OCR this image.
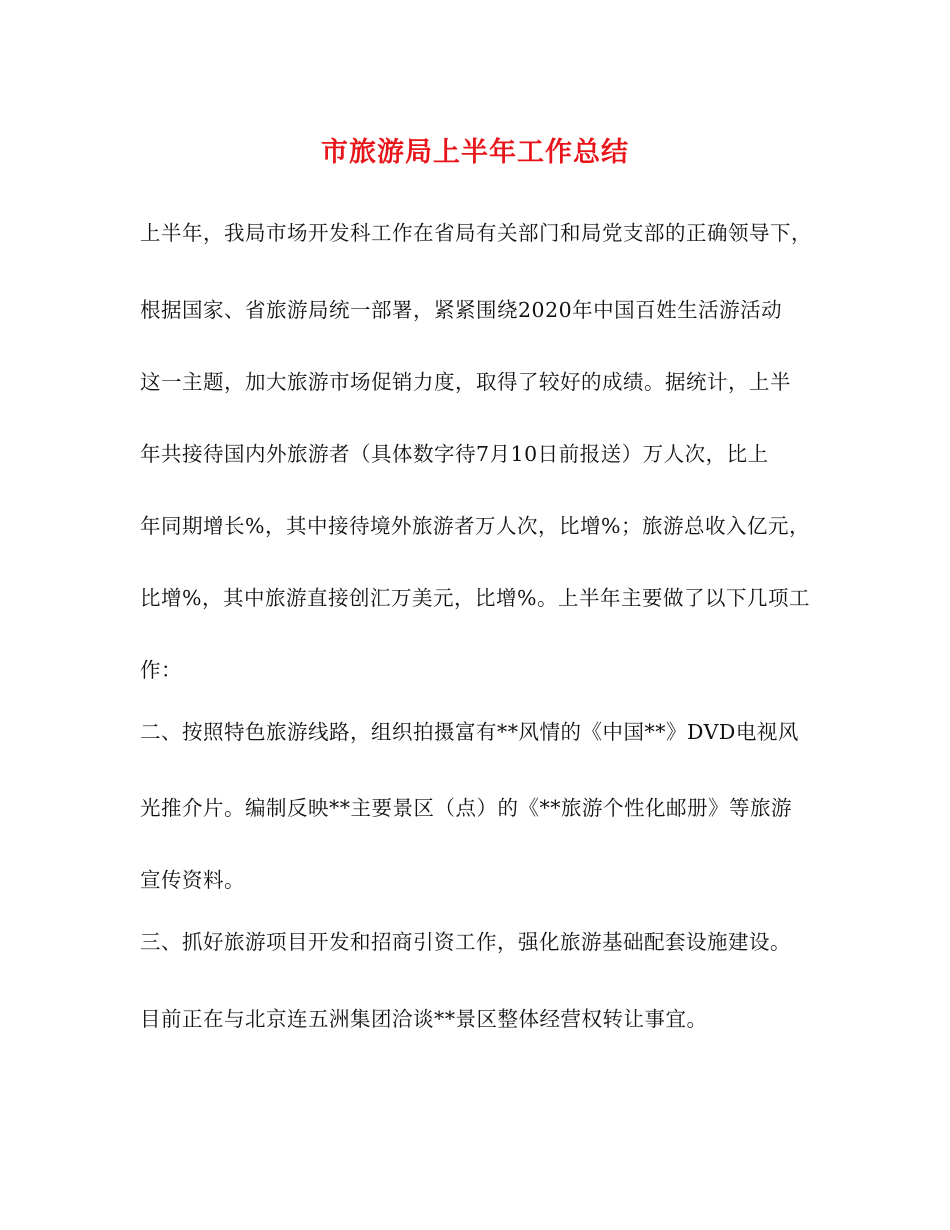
市旅游局上半年工作总结
上半年，我局市场开发科工作在省局有关部门和局党支部的正确领导下，
根据国家、省旅游局统一部署，紧紧围绕2020年中国百姓生活游活动
这一主题，加大旅游市场促销力度，取得了较好的成绩。据统计，上半
年共接待国内外旅游者（具体数字待7月10日前报送）万人次，比上
年同期增长%，其中接待境外旅游者万人次，比增%；旅游总收入亿元，
比增%，其中旅游直接创汇万美元，比增%。上半年主要做了以下几项工
作：
二、按照特色旅游线路，组织拍摄富有**风情的《中国**》DVD电视风
光推介片。编制反映**主要景区（点）的《**旅游个性化邮册》等旅游
宣传资料。
三、抓好旅游项目开发和招商引资工作，强化旅游基础配套设施建设。
目前正在与北京连五洲集团洽谈**景区整体经营权转让事宜。
